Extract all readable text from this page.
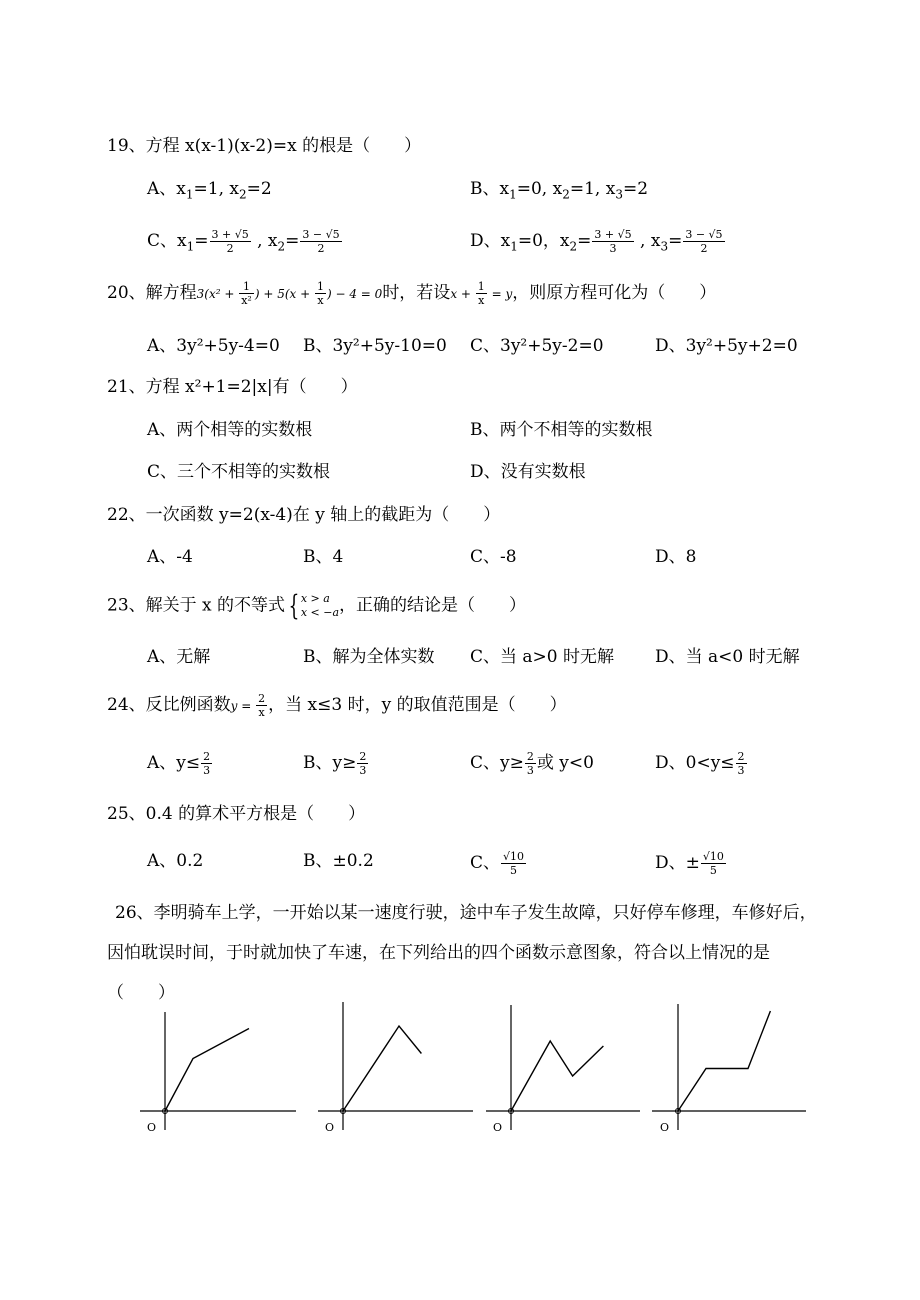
19、方程 x(x-1)(x-2)=x 的根是（　　）
A、$x_1=1$, $x_2=2$	B、$x_1=0$, $x_2=1$, $x_3=2$
C、$x_1= \frac{3 + √5}{2}$ , $x_2= \frac{3 - √5}{2}$	D、$x_1=0$，$x_2= \frac{3 + √5}{3}$ , $x_3= \frac{3 - √5}{2}$
20、解方程$3(x^2 + \frac{1}{\text{x²}}$ ) + $5(x + \frac{1}{x}$ ) − 4 = 0时，若设$x + \frac{1}{x} = y$，则原方程可化为（　　）
A、3y²+5y-4=0 B、3y²+5y-10=0 C、3y²+5y-2=0	D、3y²+5y+2=0
21、方程 x²+1=2|x|有（　　）
A、两个相等的实数根	B、两个不相等的实数根
C、三个不相等的实数根	D、没有实数根
22、一次函数 y=2(x-4)在 y 轴上的截距为（　　）
A、-4	B、4	C、-8	D、8
23、解关于 x 的不等式 { x > a
x < −a ，正确的结论是（　　）
A、无解	B、解为全体实数 C、当 a>0 时无解 D、当 a<0 时无解
24、反比例函数$y = \frac{2}{x}$ ，当 x≤3 时，y 的取值范围是（　　）
A、$y\le \frac{2}{3}$	B、$y\ge \frac{2}{3}$	C、$y\ge \frac{2}{3}$ 或 y<0	D、$0<y\le \frac{2}{3}$
25、0.4 的算术平方根是（　　）
A、0.2	B、±0.2	C、 $\frac{√10}{5}$	D、± $\frac{√10}{5}$
26、李明骑车上学，一开始以某一速度行驶，途中车子发生故障，只好停车修理，车修好后，因怕耽误时间，于时就加快了车速，在下列给出的四个函数示意图象，符合以上情况的是（　　）
O	O	O	O
